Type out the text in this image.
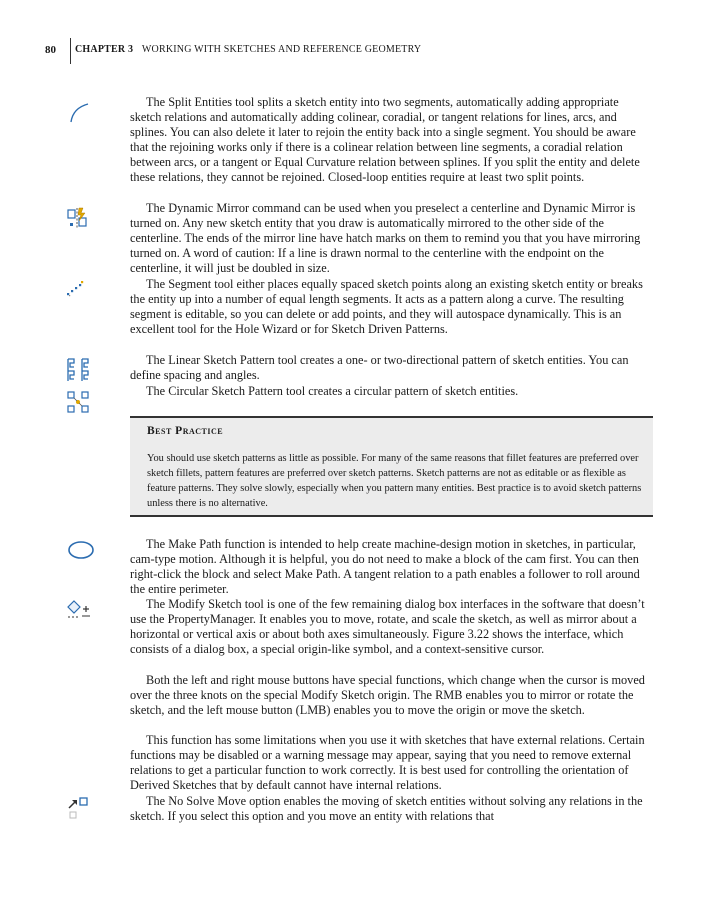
80 CHAPTER 3 WORKING WITH SKETCHES AND REFERENCE GEOMETRY

The Split Entities tool splits a sketch entity into two segments, automatically adding appropriate sketch relations and automatically adding colinear, coradial, or tangent relations for lines, arcs, and splines. You can also delete it later to rejoin the entity back into a single segment. You should be aware that the rejoining works only if there is a colinear relation between line segments, a coradial relation between arcs, or a tangent or Equal Curvature relation between splines. If you split the entity and delete these relations, they cannot be rejoined. Closed-loop entities require at least two split points.

The Dynamic Mirror command can be used when you preselect a centerline and Dynamic Mirror is turned on. Any new sketch entity that you draw is automatically mirrored to the other side of the centerline. The ends of the mirror line have hatch marks on them to remind you that you have mirroring turned on. A word of caution: If a line is drawn normal to the centerline with the endpoint on the centerline, it will just be doubled in size.

The Segment tool either places equally spaced sketch points along an existing sketch entity or breaks the entity up into a number of equal length segments. It acts as a pattern along a curve. The resulting segment is editable, so you can delete or add points, and they will autospace dynamically. This is an excellent tool for the Hole Wizard or for Sketch Driven Patterns.

The Linear Sketch Pattern tool creates a one- or two-directional pattern of sketch entities. You can define spacing and angles.

The Circular Sketch Pattern tool creates a circular pattern of sketch entities.

Best Practice

You should use sketch patterns as little as possible. For many of the same reasons that fillet features are preferred over sketch fillets, pattern features are preferred over sketch patterns. Sketch patterns are not as editable or as flexible as feature patterns. They solve slowly, especially when you pattern many entities. Best practice is to avoid sketch patterns unless there is no alternative.

The Make Path function is intended to help create machine-design motion in sketches, in particular, cam-type motion. Although it is helpful, you do not need to make a block of the cam first. You can then right-click the block and select Make Path. A tangent relation to a path enables a follower to roll around the entire perimeter.

The Modify Sketch tool is one of the few remaining dialog box interfaces in the software that doesn’t use the PropertyManager. It enables you to move, rotate, and scale the sketch, as well as mirror about a horizontal or vertical axis or about both axes simultaneously. Figure 3.22 shows the interface, which consists of a dialog box, a special origin-like symbol, and a context-sensitive cursor.

Both the left and right mouse buttons have special functions, which change when the cursor is moved over the three knots on the special Modify Sketch origin. The RMB enables you to mirror or rotate the sketch, and the left mouse button (LMB) enables you to move the origin or move the sketch.

This function has some limitations when you use it with sketches that have external relations. Certain functions may be disabled or a warning message may appear, saying that you need to remove external relations to get a particular function to work correctly. It is best used for controlling the orientation of Derived Sketches that by default cannot have internal relations.

The No Solve Move option enables the moving of sketch entities without solving any relations in the sketch. If you select this option and you move an entity with relations that
